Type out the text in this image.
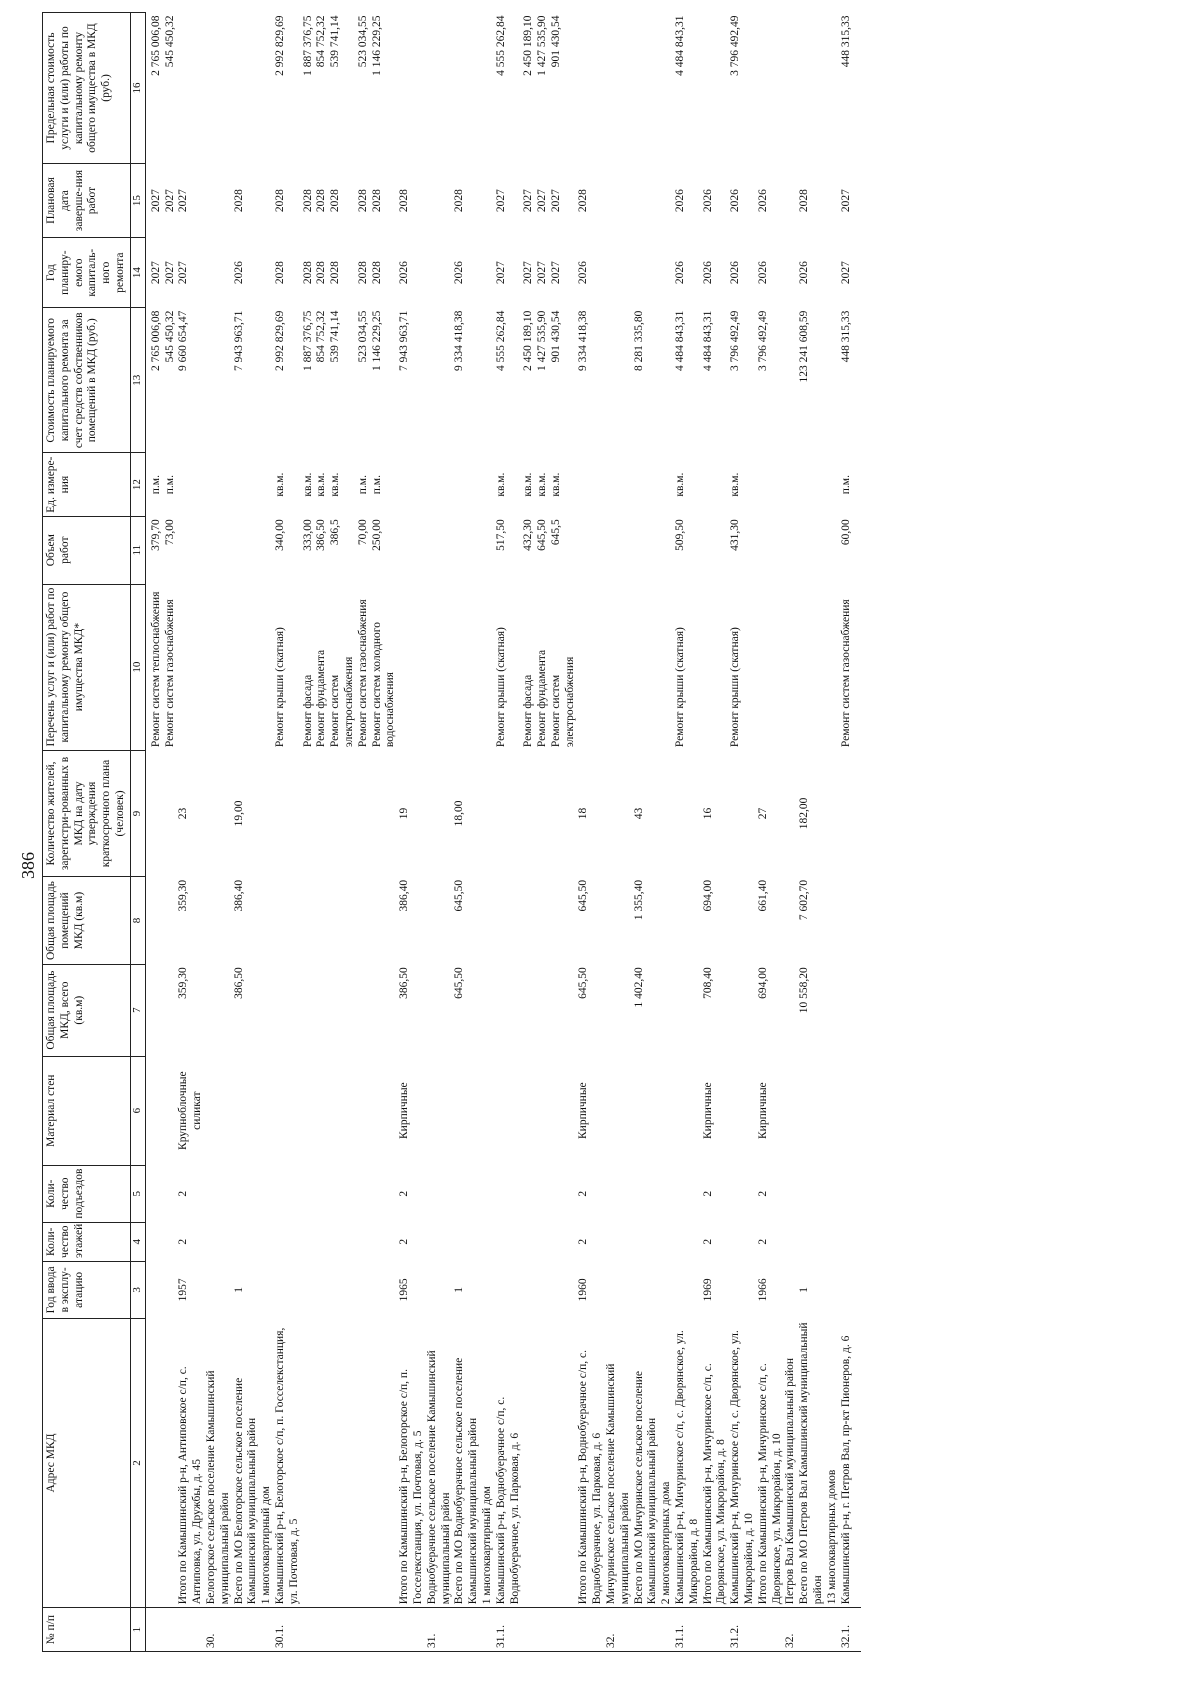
386
№ п/п	Адрес МКД	Год ввода в эксплу-атацию	Коли-чество этажей	Коли-чество подъездов	Материал стен	Общая площадь МКД, всего (кв.м)	Общая площадь помещений МКД (кв.м)	Количество жителей, зарегистри-рованных в МКД на дату утверждения краткосрочного плана (человек)	Перечень услуг и (или) работ по капитальному ремонту общего имущества МКД*	Объем работ	Ед. измере-ния	Стоимость планируемого капитального ремонта за счет средств собственников помещений в МКД (руб.)	Год планиру-емого капиталь-ного ремонта	Плановая дата заверше-ния работ	Предельная стоимость услуги и (или) работы по капитальному ремонту общего имущества в МКД (руб.)
1	2	3	4	5	6	7	8	9	10	11	12	13	14	15	16
									Ремонт систем теплоснабжения	379,70	п.м.	2 765 006,08	2027	2027	2 765 006,08
									Ремонт систем газоснабжения	73,00	п.м.	545 450,32	2027	2027	545 450,32
	Итого по Камышинский р-н, Антиповское с/п, с. Антиповка, ул. Дружбы, д. 45	1957	2	2	Крупноблочные силикат	359,30	359,30	23				9 660 654,47	2027	2027	
30.	Белогорское сельское поселение Камышинский муниципальный район														
	Всего по МО Белогорское сельское поселение Камышинский муниципальный район	1				386,50	386,40	19,00				7 943 963,71	2026	2028	
	1 многоквартирный дом														
30.1.	Камышинский р-н, Белогорское с/п, п. Госселекстанция, ул. Почтовая, д. 5								Ремонт крыши (скатная)	340,00	кв.м.	2 992 829,69	2028	2028	2 992 829,69
									Ремонт фасада	333,00	кв.м.	1 887 376,75	2028	2028	1 887 376,75
									Ремонт фундамента	386,50	кв.м.	854 752,32	2028	2028	854 752,32
									Ремонт систем электроснабжения	386,5	кв.м.	539 741,14	2028	2028	539 741,14
									Ремонт систем газоснабжения	70,00	п.м.	523 034,55	2028	2028	523 034,55
									Ремонт систем холодного водоснабжения	250,00	п.м.	1 146 229,25	2028	2028	1 146 229,25
	Итого по Камышинский р-н, Белогорское с/п, п. Госселекстанция, ул. Почтовая, д. 5	1965	2	2	Кирпичные	386,50	386,40	19				7 943 963,71	2026	2028	
31.	Воднобуерачное сельское поселение Камышинский муниципальный район														
	Всего по МО Воднобуерачное сельское поселение Камышинский муниципальный район	1				645,50	645,50	18,00				9 334 418,38	2026	2028	
	1 многоквартирный дом														
31.1.	Камышинский р-н, Воднобуерачное с/п, с. Воднобуерачное, ул. Парковая, д. 6								Ремонт крыши (скатная)	517,50	кв.м.	4 555 262,84	2027	2027	4 555 262,84
									Ремонт фасада	432,30	кв.м.	2 450 189,10	2027	2027	2 450 189,10
									Ремонт фундамента	645,50	кв.м.	1 427 535,90	2027	2027	1 427 535,90
									Ремонт систем электроснабжения	645,5	кв.м.	901 430,54	2027	2027	901 430,54
	Итого по Камышинский р-н, Воднобуерачное с/п, с. Воднобуерачное, ул. Парковая, д. 6	1960	2	2	Кирпичные	645,50	645,50	18				9 334 418,38	2026	2028	
32.	Мичуринское сельское поселение Камышинский муниципальный район														
	Всего по МО Мичуринское сельское поселение Камышинский муниципальный район					1 402,40	1 355,40	43				8 281 335,80			
	2 многоквартирных дома														
31.1.	Камышинский р-н, Мичуринское с/п, с. Дворянское, ул. Микрорайон, д. 8								Ремонт крыши (скатная)	509,50	кв.м.	4 484 843,31	2026	2026	4 484 843,31
	Итого по Камышинский р-н, Мичуринское с/п, с. Дворянское, ул. Микрорайон, д. 8	1969	2	2	Кирпичные	708,40	694,00	16				4 484 843,31	2026	2026	
31.2.	Камышинский р-н, Мичуринское с/п, с. Дворянское, ул. Микрорайон, д. 10								Ремонт крыши (скатная)	431,30	кв.м.	3 796 492,49	2026	2026	3 796 492,49
	Итого по Камышинский р-н, Мичуринское с/п, с. Дворянское, ул. Микрорайон, д. 10	1966	2	2	Кирпичные	694,00	661,40	27				3 796 492,49	2026	2026	
32.	Петров Вал Камышинский муниципальный район														
	Всего по МО Петров Вал Камышинский муниципальный район	1				10 558,20	7 602,70	182,00				123 241 608,59	2026	2028	
	13 многоквартирных домов														
32.1.	Камышинский р-н, г. Петров Вал, пр-кт Пионеров, д. 6								Ремонт систем газоснабжения	60,00	п.м.	448 315,33	2027	2027	448 315,33
